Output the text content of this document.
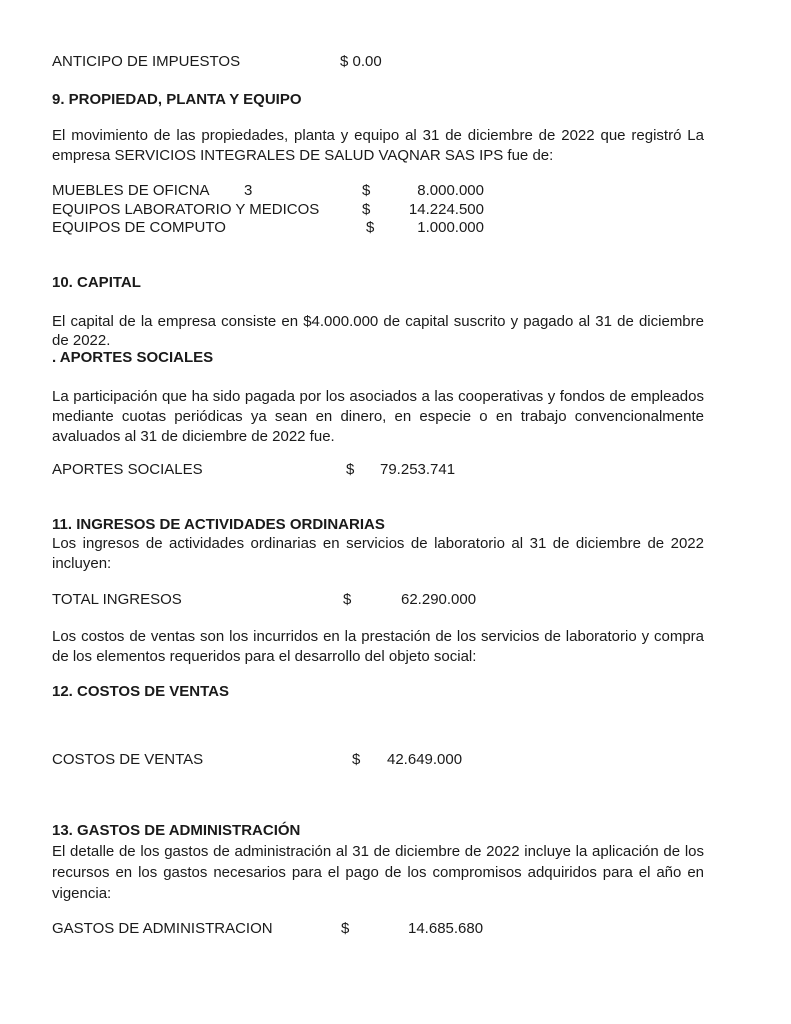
ANTICIPO DE IMPUESTOS	$ 0.00
9. PROPIEDAD, PLANTA Y EQUIPO

El movimiento de las propiedades, planta y equipo al 31 de diciembre de 2022 que registró La empresa SERVICIOS INTEGRALES DE SALUD VAQNAR SAS IPS fue de:

MUEBLES DE OFICNA 3	$	8.000.000
EQUIPOS LABORATORIO Y MEDICOS	$	14.224.500
EQUIPOS DE COMPUTO	$	1.000.000
10. CAPITAL

El capital de la empresa consiste en $4.000.000 de capital suscrito y pagado al 31 de diciembre de 2022.

. APORTES SOCIALES

La participación que ha sido pagada por los asociados a las cooperativas y fondos de empleados mediante cuotas periódicas ya sean en dinero, en especie o en trabajo convencionalmente avaluados al 31 de diciembre de 2022 fue.

APORTES SOCIALES	$ 79.253.741
11. INGRESOS DE ACTIVIDADES ORDINARIAS

Los ingresos de actividades ordinarias en servicios de laboratorio al 31 de diciembre de 2022 incluyen:

TOTAL INGRESOS	$	62.290.000

Los costos de ventas son los incurridos en la prestación de los servicios de laboratorio y compra de los elementos requeridos para el desarrollo del objeto social:

12. COSTOS DE VENTAS
COSTOS DE VENTAS	$ 42.649.000
13. GASTOS DE ADMINISTRACIÓN

El detalle de los gastos de administración al 31 de diciembre de 2022 incluye la aplicación de los recursos en los gastos necesarios para el pago de los compromisos adquiridos para el año en vigencia:

GASTOS DE ADMINISTRACION	$	14.685.680
